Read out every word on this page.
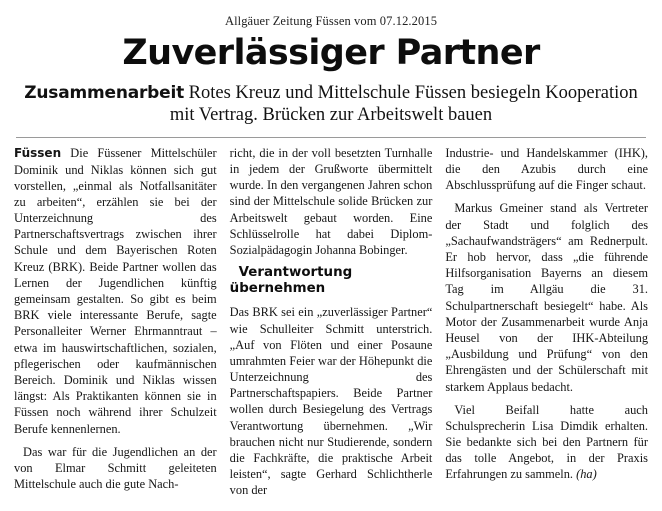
Allgäuer Zeitung Füssen vom 07.12.2015
Zuverlässiger Partner
Zusammenarbeit Rotes Kreuz und Mittelschule Füssen besiegeln Kooperation mit Vertrag. Brücken zur Arbeitswelt bauen

Füssen Die Füssener Mittelschüler Dominik und Niklas können sich gut vorstellen, „einmal als Notfallsanitäter zu arbeiten“, erzählen sie bei der Unterzeichnung des Partnerschaftsvertrags zwischen ihrer Schule und dem Bayerischen Roten Kreuz (BRK). Beide Partner wollen das Lernen der Jugendlichen künftig gemeinsam gestalten. So gibt es beim BRK viele interessante Berufe, sagte Personalleiter Werner Ehrmanntraut – etwa im hauswirtschaftlichen, sozialen, pflegerischen oder kaufmännischen Bereich. Dominik und Niklas wissen längst: Als Praktikanten können sie in Füssen noch während ihrer Schulzeit Berufe kennenlernen.

Das war für die Jugendlichen an der von Elmar Schmitt geleiteten Mittelschule auch die gute Nach-

richt, die in der voll besetzten Turnhalle in jedem der Grußworte übermittelt wurde. In den vergangenen Jahren schon sind der Mittelschule solide Brücken zur Arbeitswelt gebaut worden. Eine Schlüsselrolle hat dabei Diplom-Sozialpädagogin Johanna Bobinger.

Verantwortung übernehmen

Das BRK sei ein „zuverlässiger Partner“ wie Schulleiter Schmitt unterstrich. „Auf von Flöten und einer Posaune umrahmten Feier war der Höhepunkt die Unterzeichnung des Partnerschaftspapiers. Beide Partner wollen durch Besiegelung des Vertrags Verantwortung übernehmen. „Wir brauchen nicht nur Studierende, sondern die Fachkräfte, die praktische Arbeit leisten“, sagte Gerhard Schlichtherle von der

Industrie- und Handelskammer (IHK), die den Azubis durch eine Abschlussprüfung auf die Finger schaut.

Markus Gmeiner stand als Vertreter der Stadt und folglich des „Sachaufwandsträgers“ am Rednerpult. Er hob hervor, dass „die führende Hilfsorganisation Bayerns an diesem Tag im Allgäu die 31. Schulpartnerschaft besiegelt“ habe. Als Motor der Zusammenarbeit wurde Anja Heusel von der IHK-Abteilung „Ausbildung und Prüfung“ von den Ehrengästen und der Schülerschaft mit starkem Applaus bedacht.

Viel Beifall hatte auch Schulsprecherin Lisa Dimdik erhalten. Sie bedankte sich bei den Partnern für das tolle Angebot, in der Praxis Erfahrungen zu sammeln. (ha)
